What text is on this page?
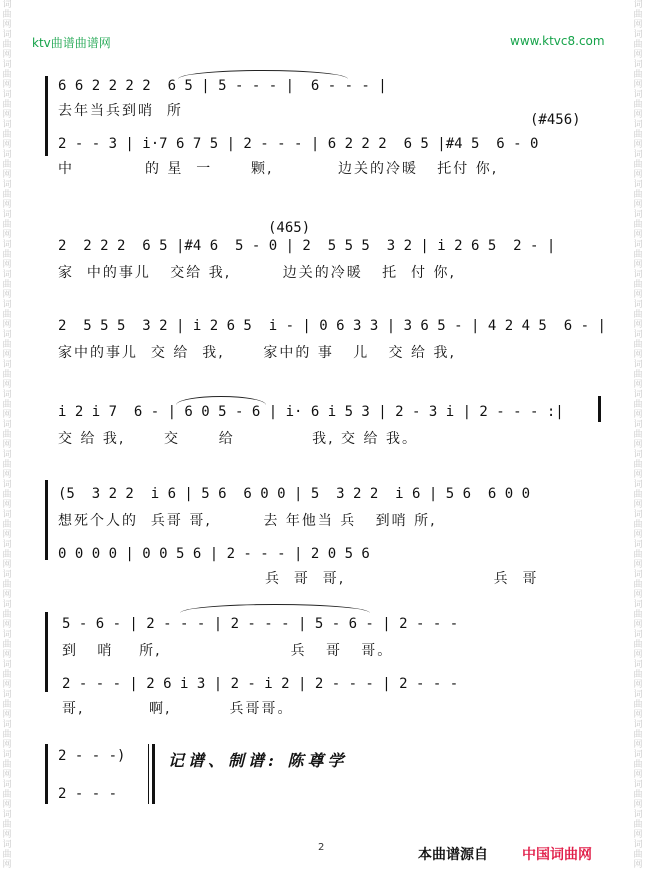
词
曲
网
词
曲
网
词
曲
网
词
曲
网
词
曲
网
词
曲
网
词
曲
网
词
曲
网
词
曲
网
词
曲
网
词
曲
网
词
曲
网
词
曲
网
词
曲
网
词
曲
网
词
曲
网
词
曲
网
词
曲
网
词
曲
网
词
曲
网
词
曲
网
词
曲
网
词
曲
网
词
曲
网
词
曲
网
词
曲
网
词
曲
网
词
曲
网
词
曲
网
词
曲
网
词
曲
网
词
曲
网
词
曲
网
词
曲
网
词
曲
网
词
曲
网
词
曲
网
词
曲
网
词
曲
网
词
曲
网
词
曲
网
词
曲
网
词
曲
网
词
曲
网
词
曲
网
词
曲
网
词
曲
网
词
曲
网
词
曲
网
词
曲
网
词
曲
网
词
曲
网
词
曲
网
词
曲
网
词
曲
网
词
曲
网
词
曲
网
词
曲
网
ktv曲谱曲谱网	www.ktvc8.com
6 6 2 2 2 2  6 5 | 5 - - - |  6 - - - |
去年当兵到哨  所
(#456)
2 - - 3 | i·7 6 7 5 | 2 - - - | 6 2 2 2  6 5 |#4 5  6 - 0
中           的 星  一      颗,          边关的冷暖   托付 你,
(465)
2  2 2 2  6 5 |#4 6  5 - 0 | 2  5 5 5  3 2 | i 2 6 5  2 - |
家  中的事儿   交给 我,        边关的冷暖   托  付 你,
2  5 5 5  3 2 | i 2 6 5  i - | 0 6 3 3 | 3 6 5 - | 4 2 4 5  6 - |
家中的事儿  交 给  我,      家中的 事   儿   交 给 我,
i 2 i 7  6 - | 6 0 5 - 6 | i· 6 i 5 3 | 2 - 3 i | 2 - - - :|
交 给 我,      交      给            我, 交 给 我。
(5  3 2 2  i 6 | 5 6  6 0 0 | 5  3 2 2  i 6 | 5 6  6 0 0
想死个人的  兵哥 哥,        去 年他当 兵   到哨 所,
0 0 0 0 | 0 0 5 6 | 2 - - - | 2 0 5 6
兵  哥  哥,                       兵  哥
5 - 6 - | 2 - - - | 2 - - - | 5 - 6 - | 2 - - -
到   哨    所,                    兵   哥   哥。
2 - - - | 2 6 i 3 | 2 - i 2 | 2 - - - | 2 - - -
哥,          啊,         兵哥哥。
2 - - -)
2 - - -
记谱、制谱: 陈尊学
2	本曲谱源自 中国词曲网
